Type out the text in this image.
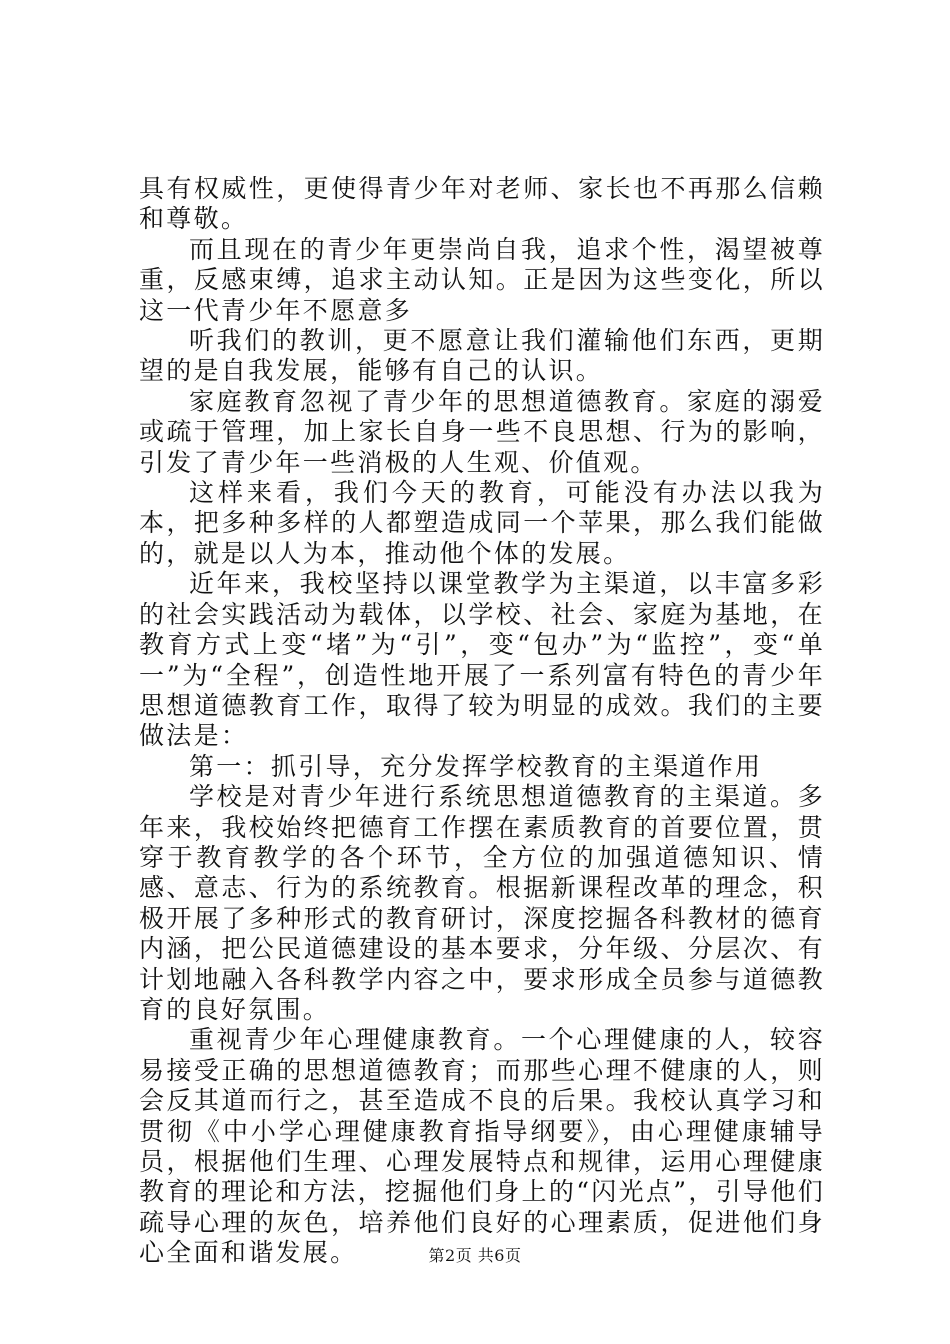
具有权威性，更使得青少年对老师、家长也不再那么信赖和尊敬。

而且现在的青少年更崇尚自我，追求个性，渴望被尊重，反感束缚，追求主动认知。正是因为这些变化，所以这一代青少年不愿意多

听我们的教训，更不愿意让我们灌输他们东西，更期望的是自我发展，能够有自己的认识。

家庭教育忽视了青少年的思想道德教育。家庭的溺爱或疏于管理，加上家长自身一些不良思想、行为的影响，引发了青少年一些消极的人生观、价值观。

这样来看，我们今天的教育，可能没有办法以我为本，把多种多样的人都塑造成同一个苹果，那么我们能做的，就是以人为本，推动他个体的发展。

近年来，我校坚持以课堂教学为主渠道，以丰富多彩的社会实践活动为载体，以学校、社会、家庭为基地，在教育方式上变“堵”为“引”，变“包办”为“监控”，变“单一”为“全程”，创造性地开展了一系列富有特色的青少年思想道德教育工作，取得了较为明显的成效。我们的主要做法是：

第一：抓引导，充分发挥学校教育的主渠道作用

学校是对青少年进行系统思想道德教育的主渠道。多年来，我校始终把德育工作摆在素质教育的首要位置，贯穿于教育教学的各个环节，全方位的加强道德知识、情感、意志、行为的系统教育。根据新课程改革的理念，积极开展了多种形式的教育研讨，深度挖掘各科教材的德育内涵，把公民道德建设的基本要求，分年级、分层次、有计划地融入各科教学内容之中，要求形成全员参与道德教育的良好氛围。

重视青少年心理健康教育。一个心理健康的人，较容易接受正确的思想道德教育；而那些心理不健康的人，则会反其道而行之，甚至造成不良的后果。我校认真学习和贯彻《中小学心理健康教育指导纲要》，由心理健康辅导员，根据他们生理、心理发展特点和规律，运用心理健康教育的理论和方法，挖掘他们身上的“闪光点”，引导他们疏导心理的灰色，培养他们良好的心理素质，促进他们身心全面和谐发展。	第2页 共6页
